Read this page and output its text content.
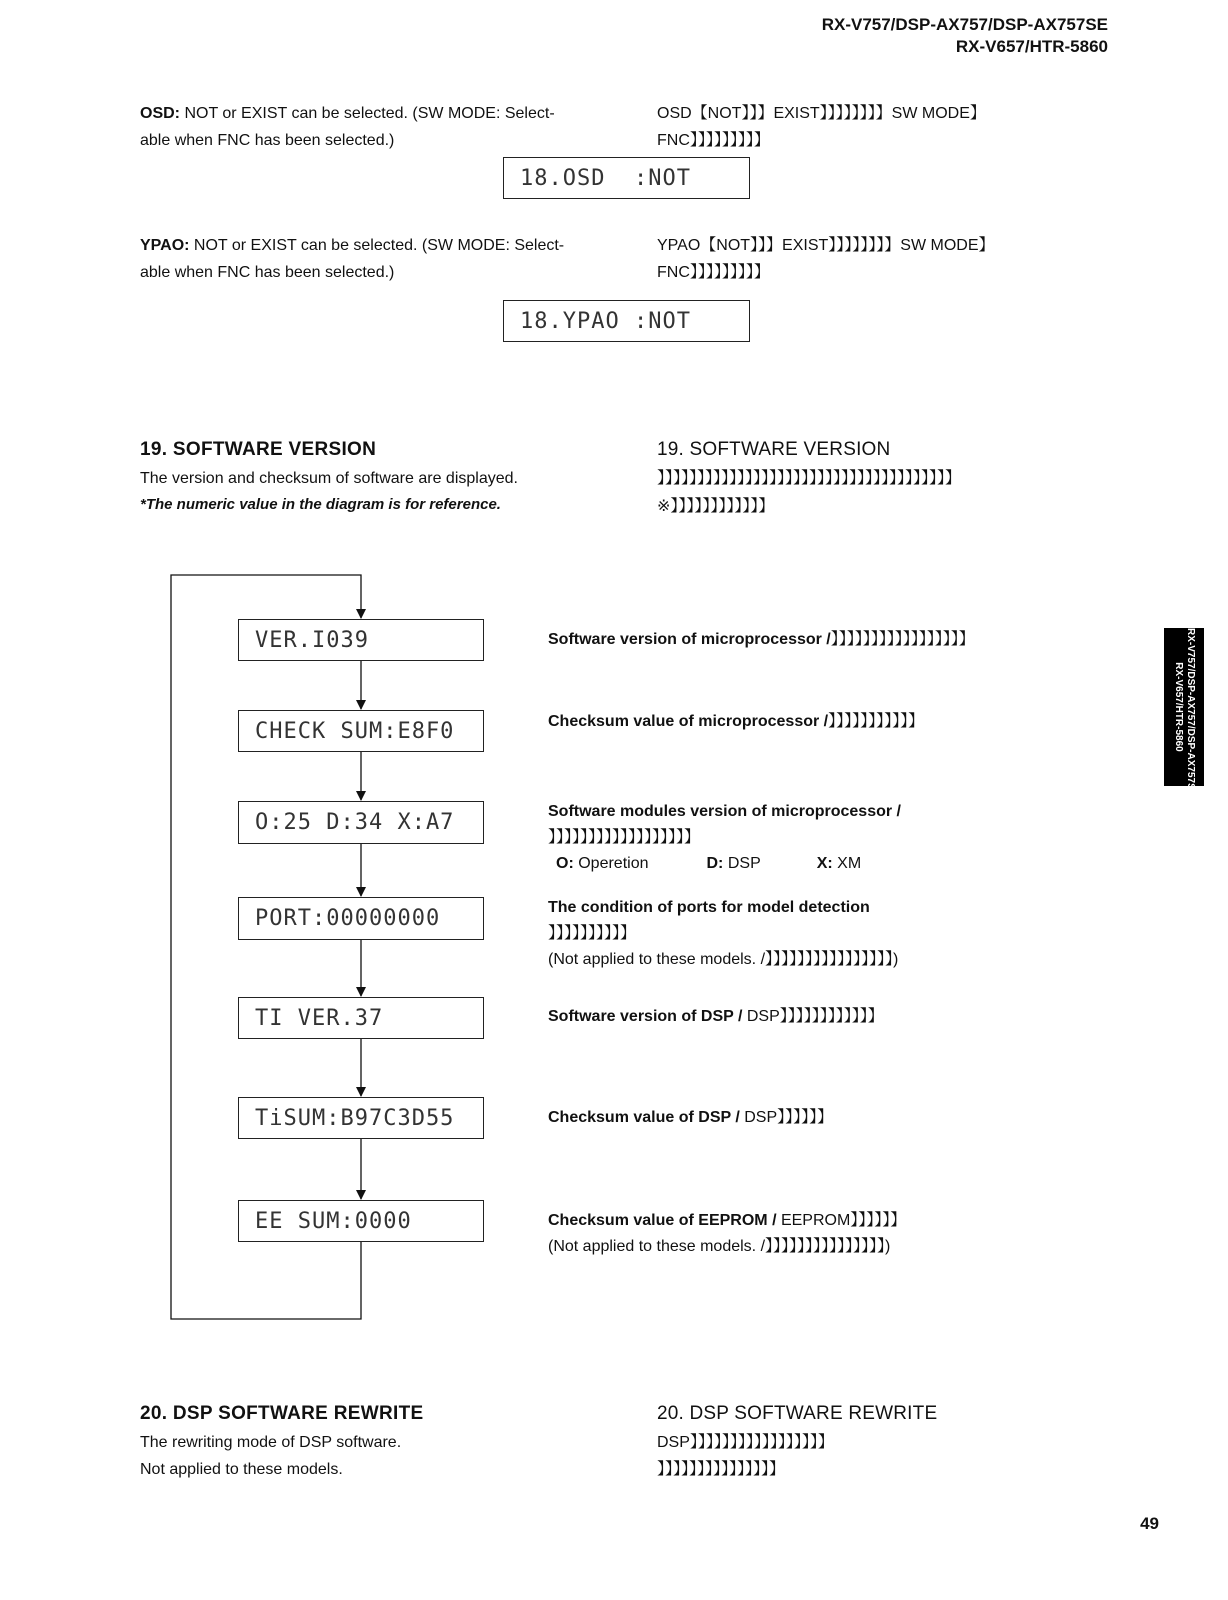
RX-V757/DSP-AX757/DSP-AX757SE
RX-V657/HTR-5860
OSD: NOT or EXIST can be selected. (SW MODE: Select-
able when FNC has been selected.)
OSD【NOT】】】EXIST】】】】】】】】SW MODE】
FNC】】】】】】】】】
18.OSD  :NOT
YPAO: NOT or EXIST can be selected. (SW MODE: Select-
able when FNC has been selected.)
YPAO【NOT】】】EXIST】】】】】】】】SW MODE】
FNC】】】】】】】】】
18.YPAO :NOT
19. SOFTWARE VERSION	19. SOFTWARE VERSION
The version and checksum of software are displayed.
*The numeric value in the diagram is for reference.
】】】】】】】】】】】】】】】】】】】】】】】】】】】】】】】】】】】】】
※】】】】】】】】】】】】
VER.I039
CHECK SUM:E8F0
O:25 D:34 X:A7
PORT:00000000
TI VER.37
TiSUM:B97C3D55
EE SUM:0000
Software version of microprocessor /】】】】】】】】】】】】】】】】】
Checksum value of microprocessor /】】】】】】】】】】】
Software modules version of microprocessor /
】】】】】】】】】】】】】】】】】】
O: Operetion	D: DSP	X: XM
The condition of ports for model detection
】】】】】】】】】】
(Not applied to these models. /】】】】】】】】】】】】】】】】)
Software version of DSP / DSP】】】】】】】】】】】】
Checksum value of DSP / DSP】】】】】】
Checksum value of EEPROM / EEPROM】】】】】】
(Not applied to these models. /】】】】】】】】】】】】】】】)
20. DSP SOFTWARE REWRITE	20. DSP SOFTWARE REWRITE
The rewriting mode of DSP software.
Not applied to these models.
DSP】】】】】】】】】】】】】】】】】
】】】】】】】】】】】】】】】
RX-V757/DSP-AX757/DSP-AX757SE
RX-V657/HTR-5860
49
